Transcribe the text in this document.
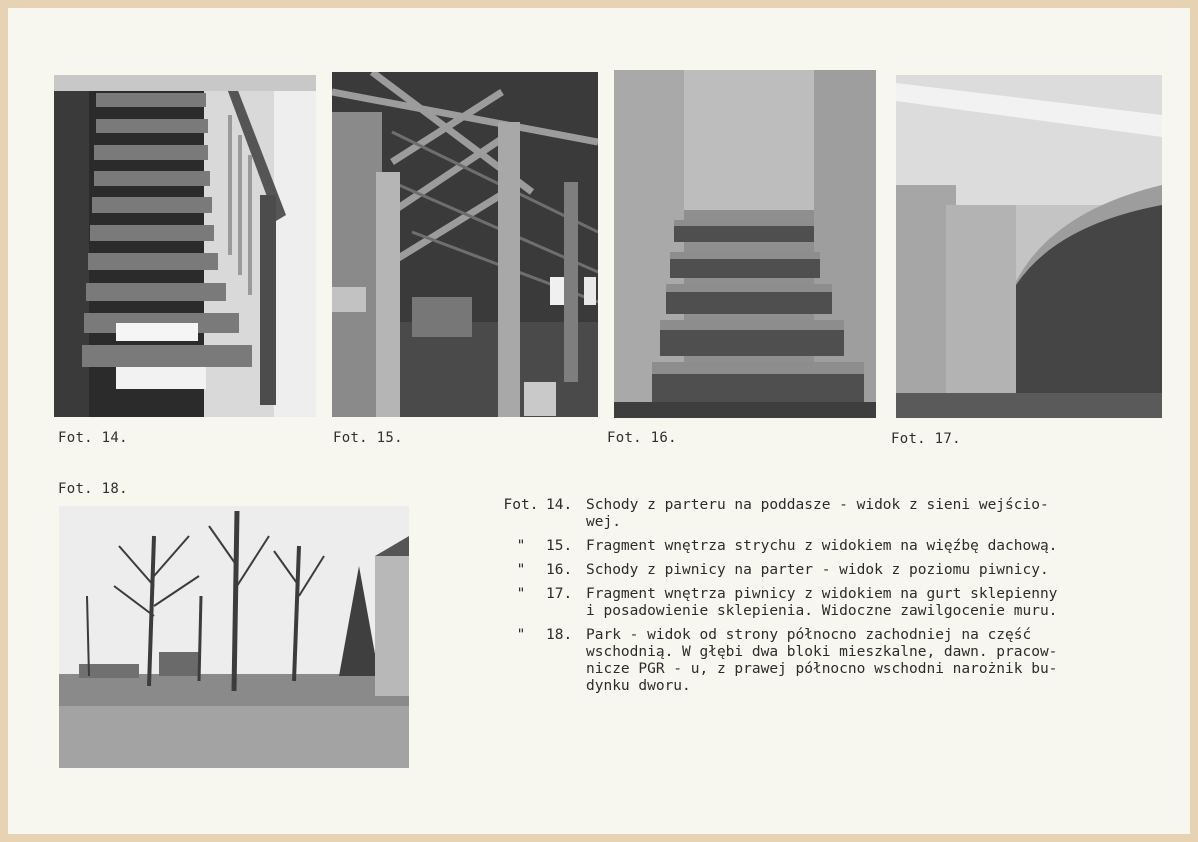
Fot. 14.	Fot. 15.	Fot. 16.	Fot. 17.
Fot. 18.
Fot. 14. Schody z parteru na poddasze - widok z sieni wejścio-
wej.
" 15. Fragment wnętrza strychu z widokiem na więźbę dachową.
" 16. Schody z piwnicy na parter - widok z poziomu piwnicy.
" 17. Fragment wnętrza piwnicy z widokiem na gurt sklepienny
i posadowienie sklepienia. Widoczne zawilgocenie muru.
" 18. Park - widok od strony północno zachodniej na część
wschodnią. W głębi dwa bloki mieszkalne, dawn. pracow-
nicze PGR - u, z prawej północno wschodni narożnik bu-
dynku dworu.
